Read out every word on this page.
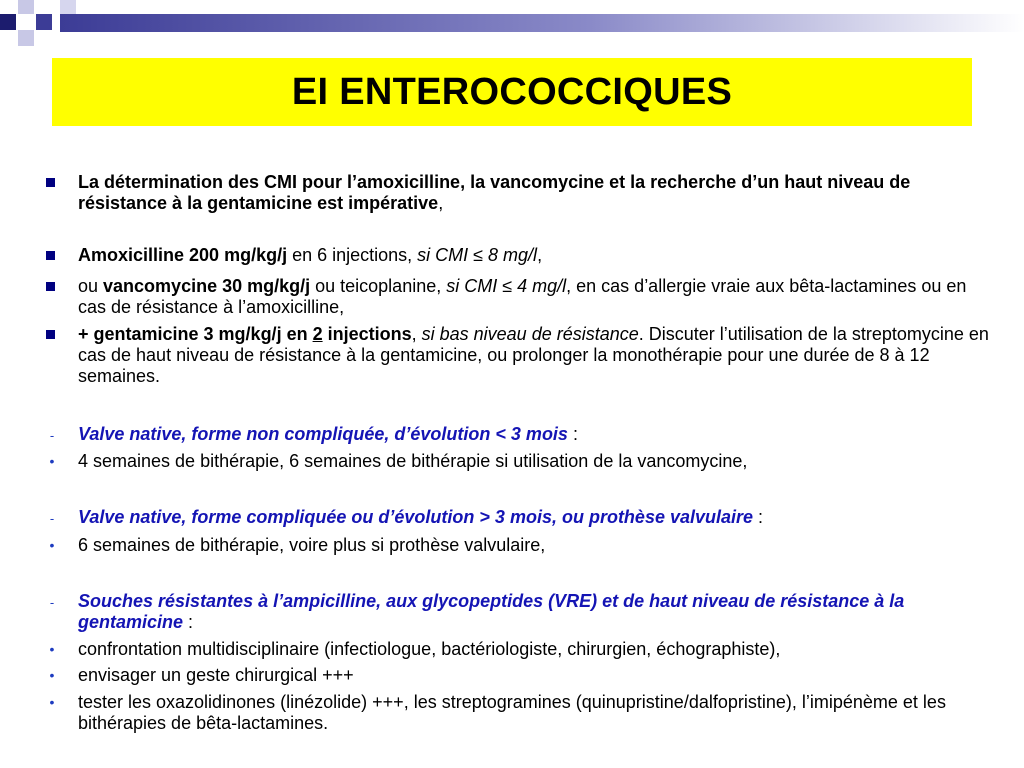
EI ENTEROCOCCIQUES
La détermination des CMI pour l’amoxicilline, la vancomycine et la recherche d’un haut niveau de résistance à la gentamicine est impérative,
Amoxicilline 200 mg/kg/j en 6 injections, si CMI ≤ 8 mg/l,
ou vancomycine 30 mg/kg/j ou teicoplanine, si CMI ≤ 4 mg/l, en cas d’allergie vraie aux bêta-lactamines ou en cas de résistance à l’amoxicilline,
+ gentamicine 3 mg/kg/j en 2 injections, si bas niveau de résistance. Discuter l’utilisation de la streptomycine en cas de haut niveau de résistance à la gentamicine, ou prolonger la monothérapie pour une durée de 8 à 12 semaines.
-	Valve native, forme non compliquée, d’évolution < 3 mois :
•	4 semaines de bithérapie, 6 semaines de bithérapie si utilisation de la vancomycine,
-	Valve native, forme compliquée ou d’évolution > 3 mois, ou prothèse valvulaire :
•	6 semaines de bithérapie, voire plus si prothèse valvulaire,
-	Souches résistantes à l’ampicilline, aux glycopeptides (VRE) et de haut niveau de résistance à la gentamicine :
•	confrontation multidisciplinaire (infectiologue, bactériologiste, chirurgien, échographiste),
•	envisager un geste chirurgical +++
•	tester les oxazolidinones (linézolide) +++, les streptogramines (quinupristine/dalfopristine), l’imipénème et les bithérapies de bêta-lactamines.
